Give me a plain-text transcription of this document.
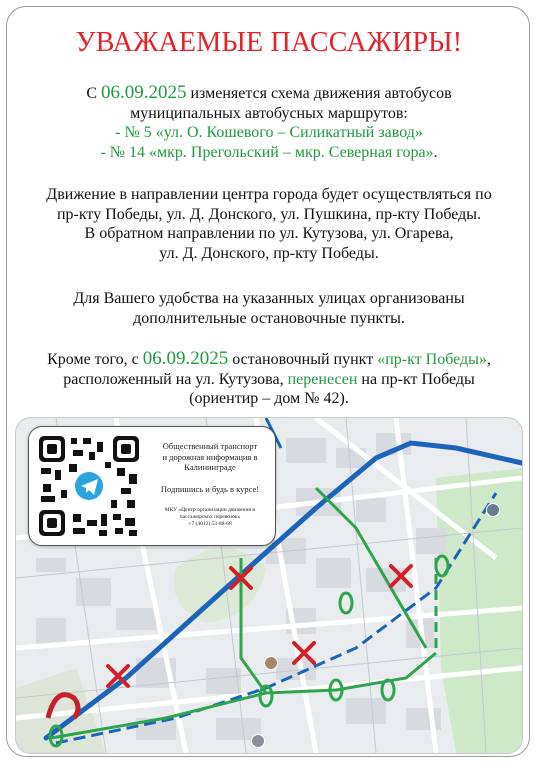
УВАЖАЕМЫЕ ПАССАЖИРЫ!
С 06.09.2025 изменяется схема движения автобусов
муниципальных автобусных маршрутов:
- № 5 «ул. О. Кошевого – Силикатный завод»
- № 14 «мкр. Прегольский – мкр. Северная гора».
Движение в направлении центра города будет осуществляться по
пр-кту Победы, ул. Д. Донского, ул. Пушкина, пр-кту Победы.
В обратном направлении по ул. Кутузова, ул. Огарева,
ул. Д. Донского, пр-кту Победы.
Для Вашего удобства на указанных улицах организованы
дополнительные остановочные пункты.
Кроме того, с 06.09.2025 остановочный пункт «пр-кт Победы»,
расположенный на ул. Кутузова, перенесен на пр-кт Победы
(ориентир – дом № 42).
Общественный транспорт
и дорожная информация в
Калининграде
Подпишись и будь в курсе!
МКУ «Центр организации движения и
пассажирских перевозок»
+7 (4012) 53-88-68
